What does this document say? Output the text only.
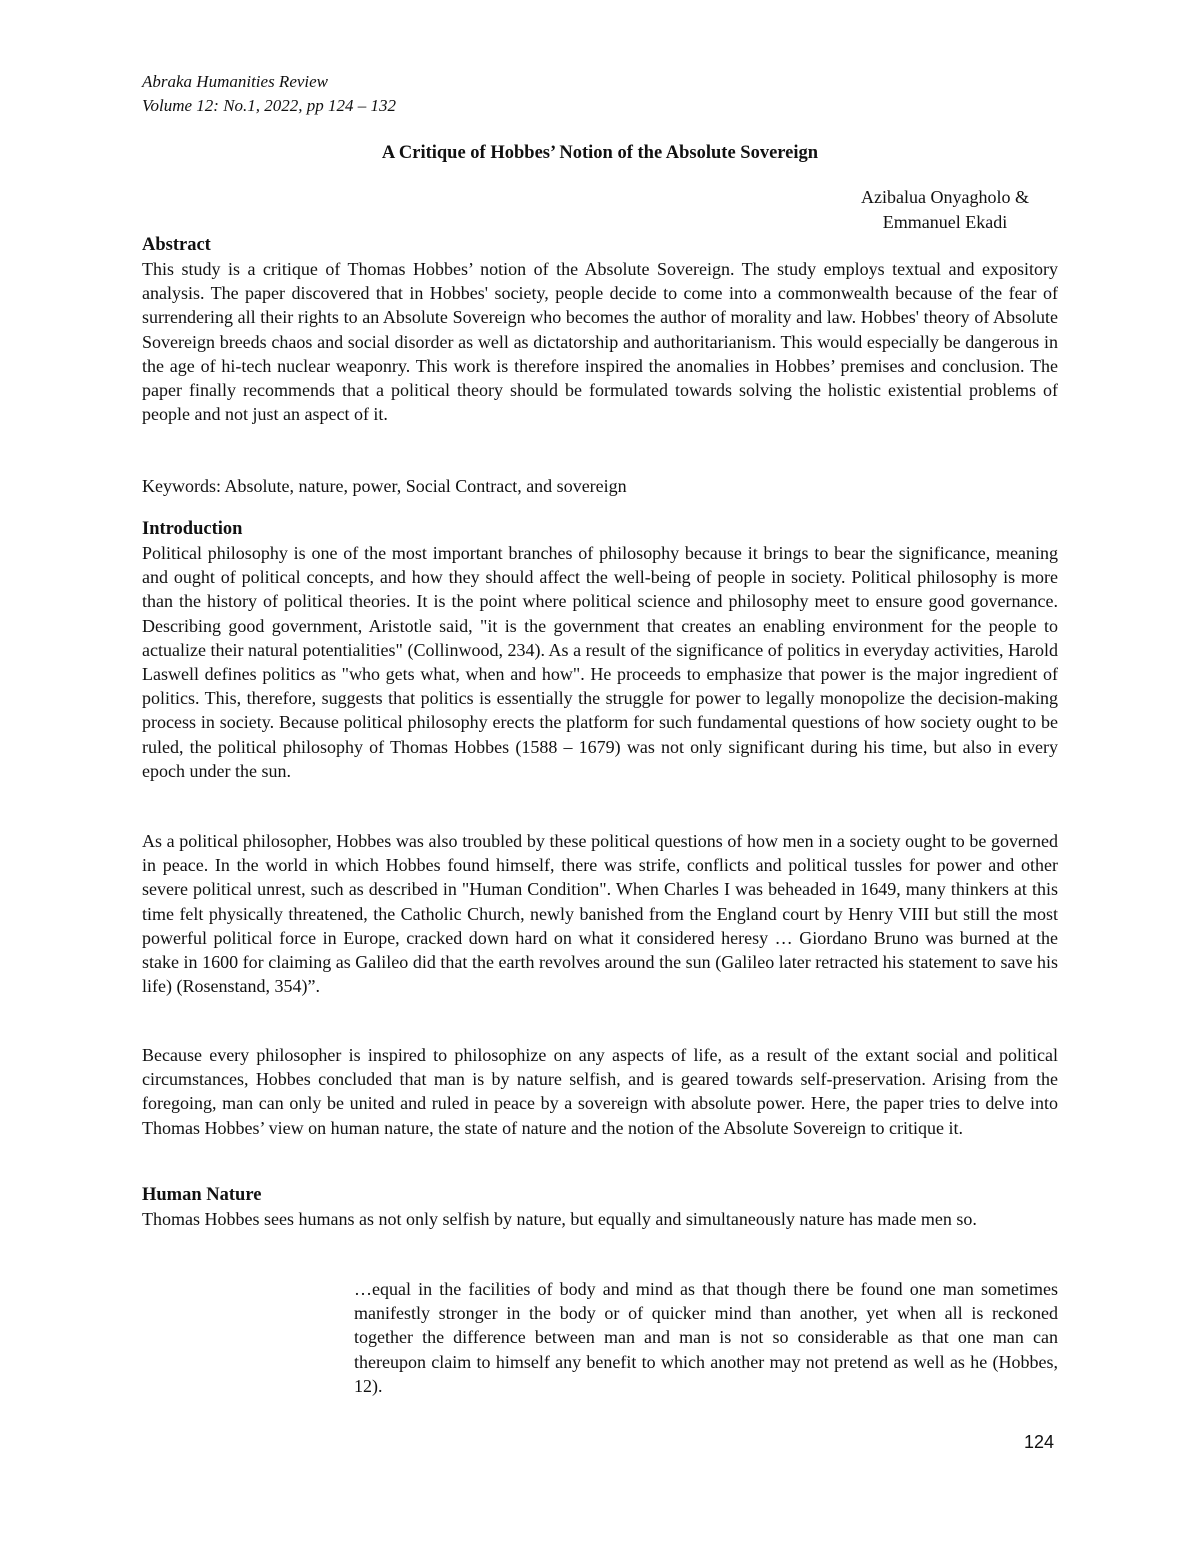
Abraka Humanities Review
Volume 12: No.1, 2022, pp 124 – 132
A Critique of Hobbes’ Notion of the Absolute Sovereign
Azibalua Onyagholo &
Emmanuel Ekadi
Abstract

This study is a critique of Thomas Hobbes’ notion of the Absolute Sovereign. The study employs textual and expository analysis. The paper discovered that in Hobbes' society, people decide to come into a commonwealth because of the fear of surrendering all their rights to an Absolute Sovereign who becomes the author of morality and law. Hobbes' theory of Absolute Sovereign breeds chaos and social disorder as well as dictatorship and authoritarianism. This would especially be dangerous in the age of hi-tech nuclear weaponry. This work is therefore inspired the anomalies in Hobbes’ premises and conclusion. The paper finally recommends that a political theory should be formulated towards solving the holistic existential problems of people and not just an aspect of it.

Keywords: Absolute, nature, power, Social Contract, and sovereign

Introduction

Political philosophy is one of the most important branches of philosophy because it brings to bear the significance, meaning and ought of political concepts, and how they should affect the well-being of people in society. Political philosophy is more than the history of political theories. It is the point where political science and philosophy meet to ensure good governance. Describing good government, Aristotle said, "it is the government that creates an enabling environment for the people to actualize their natural potentialities" (Collinwood, 234). As a result of the significance of politics in everyday activities, Harold Laswell defines politics as "who gets what, when and how". He proceeds to emphasize that power is the major ingredient of politics. This, therefore, suggests that politics is essentially the struggle for power to legally monopolize the decision-making process in society. Because political philosophy erects the platform for such fundamental questions of how society ought to be ruled, the political philosophy of Thomas Hobbes (1588 – 1679) was not only significant during his time, but also in every epoch under the sun.

As a political philosopher, Hobbes was also troubled by these political questions of how men in a society ought to be governed in peace. In the world in which Hobbes found himself, there was strife, conflicts and political tussles for power and other severe political unrest, such as described in "Human Condition". When Charles I was beheaded in 1649, many thinkers at this time felt physically threatened, the Catholic Church, newly banished from the England court by Henry VIII but still the most powerful political force in Europe, cracked down hard on what it considered heresy … Giordano Bruno was burned at the stake in 1600 for claiming as Galileo did that the earth revolves around the sun (Galileo later retracted his statement to save his life) (Rosenstand, 354)”.

Because every philosopher is inspired to philosophize on any aspects of life, as a result of the extant social and political circumstances, Hobbes concluded that man is by nature selfish, and is geared towards self-preservation. Arising from the foregoing, man can only be united and ruled in peace by a sovereign with absolute power. Here, the paper tries to delve into Thomas Hobbes’ view on human nature, the state of nature and the notion of the Absolute Sovereign to critique it.

Human Nature

Thomas Hobbes sees humans as not only selfish by nature, but equally and simultaneously nature has made men so.

…equal in the facilities of body and mind as that though there be found one man sometimes manifestly stronger in the body or of quicker mind than another, yet when all is reckoned together the difference between man and man is not so considerable as that one man can thereupon claim to himself any benefit to which another may not pretend as well as he (Hobbes, 12).

124
